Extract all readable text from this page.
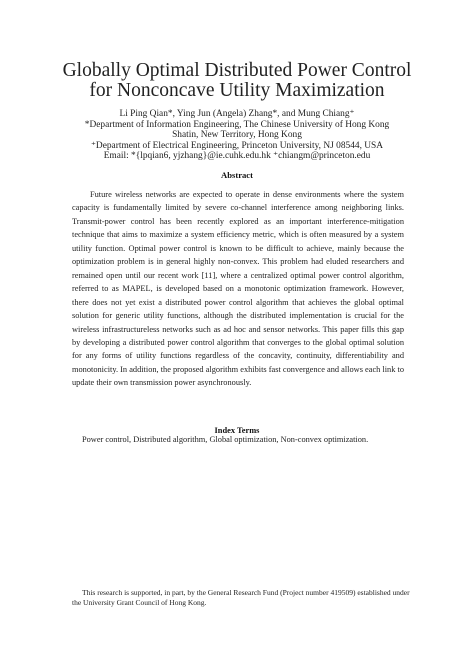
Globally Optimal Distributed Power Control
for Nonconcave Utility Maximization
Li Ping Qian*, Ying Jun (Angela) Zhang*, and Mung Chiang⁺
*Department of Information Engineering, The Chinese University of Hong Kong
Shatin, New Territory, Hong Kong
⁺Department of Electrical Engineering, Princeton University, NJ 08544, USA
Email: *{lpqian6, yjzhang}@ie.cuhk.edu.hk ⁺chiangm@princeton.edu
Abstract

Future wireless networks are expected to operate in dense environments where the system capacity is fundamentally limited by severe co-channel interference among neighboring links. Transmit-power control has been recently explored as an important interference-mitigation technique that aims to maximize a system efficiency metric, which is often measured by a system utility function. Optimal power control is known to be difficult to achieve, mainly because the optimization problem is in general highly non-convex. This problem had eluded researchers and remained open until our recent work [11], where a centralized optimal power control algorithm, referred to as MAPEL, is developed based on a monotonic optimization framework. However, there does not yet exist a distributed power control algorithm that achieves the global optimal solution for generic utility functions, although the distributed implementation is crucial for the wireless infrastructureless networks such as ad hoc and sensor networks. This paper fills this gap by developing a distributed power control algorithm that converges to the global optimal solution for any forms of utility functions regardless of the concavity, continuity, differentiability and monotonicity. In addition, the proposed algorithm exhibits fast convergence and allows each link to update their own transmission power asynchronously.

Index Terms
Power control, Distributed algorithm, Global optimization, Non-convex optimization.
This research is supported, in part, by the General Research Fund (Project number 419509) established under the University Grant Council of Hong Kong.
